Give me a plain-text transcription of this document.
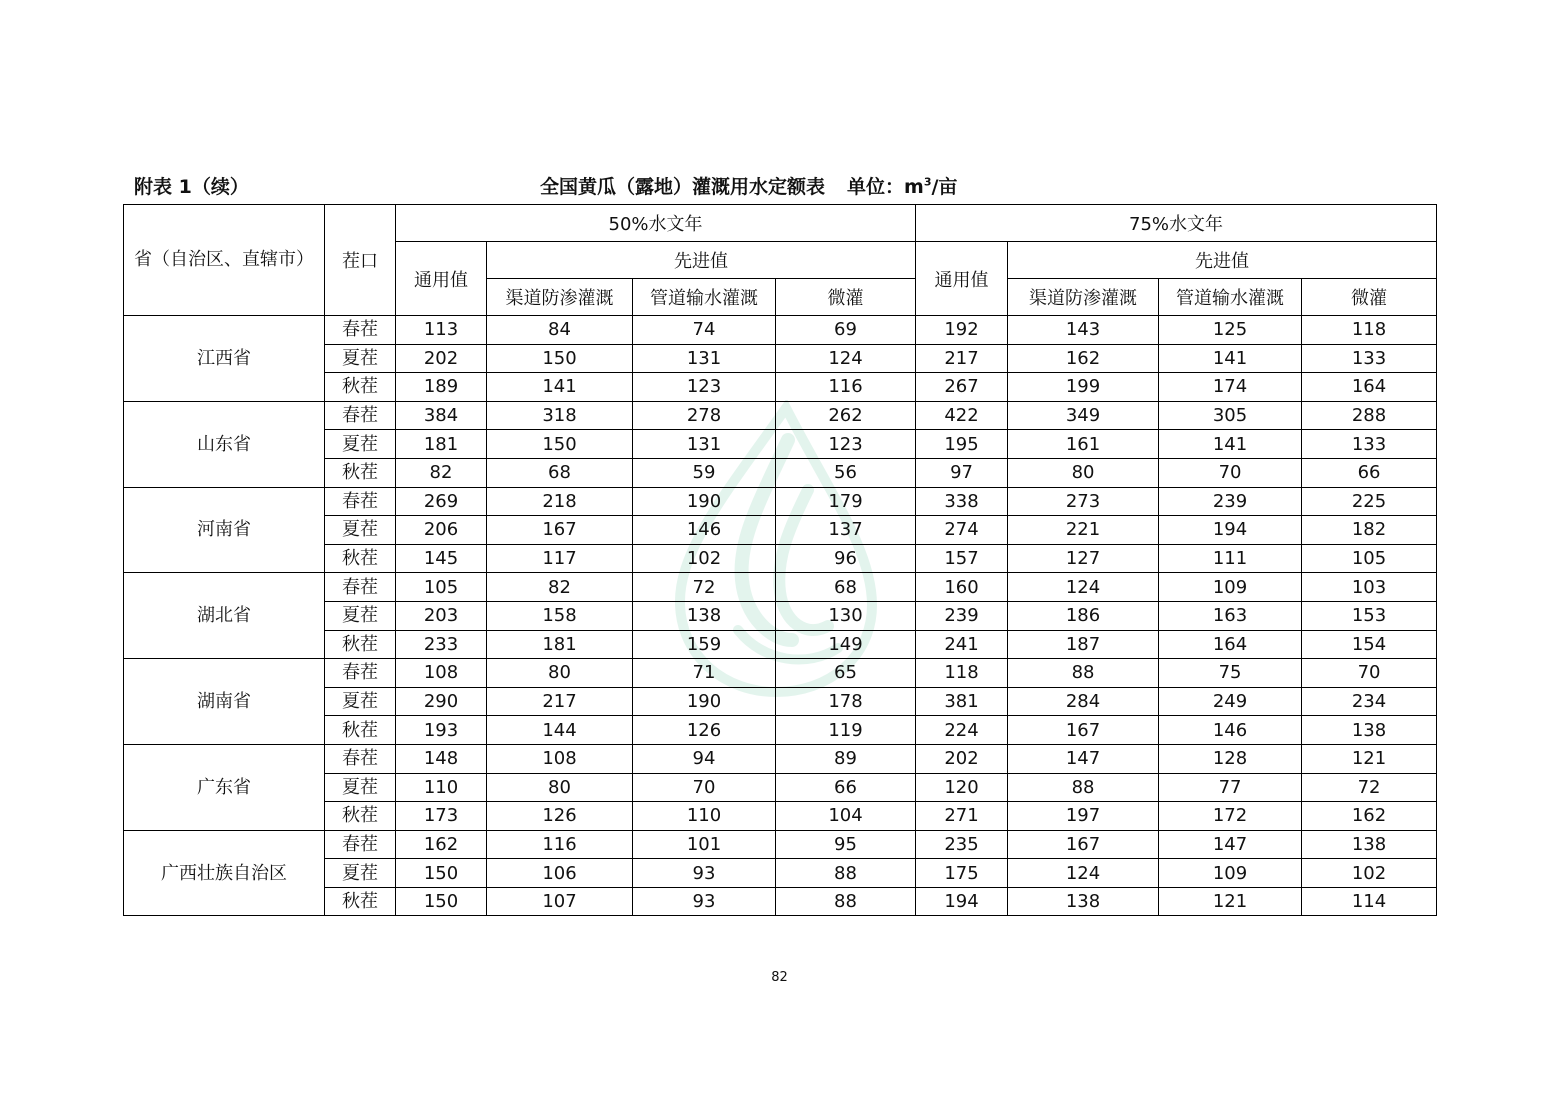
附表 1（续）	全国黄瓜（露地）灌溉用水定额表 单位：$m^3/$亩
省（自治区、直辖市）	茬口	50%水文年				75%水文年			
		通用值	先进值			通用值	先进值		
			渠道防渗灌溉	管道输水灌溉	微灌		渠道防渗灌溉	管道输水灌溉	微灌
江西省	春茬	113	84	74	69	192	143	125	118
	夏茬	202	150	131	124	217	162	141	133
	秋茬	189	141	123	116	267	199	174	164
山东省	春茬	384	318	278	262	422	349	305	288
	夏茬	181	150	131	123	195	161	141	133
	秋茬	82	68	59	56	97	80	70	66
河南省	春茬	269	218	190	179	338	273	239	225
	夏茬	206	167	146	137	274	221	194	182
	秋茬	145	117	102	96	157	127	111	105
湖北省	春茬	105	82	72	68	160	124	109	103
	夏茬	203	158	138	130	239	186	163	153
	秋茬	233	181	159	149	241	187	164	154
湖南省	春茬	108	80	71	65	118	88	75	70
	夏茬	290	217	190	178	381	284	249	234
	秋茬	193	144	126	119	224	167	146	138
广东省	春茬	148	108	94	89	202	147	128	121
	夏茬	110	80	70	66	120	88	77	72
	秋茬	173	126	110	104	271	197	172	162
广西壮族自治区	春茬	162	116	101	95	235	167	147	138
	夏茬	150	106	93	88	175	124	109	102
	秋茬	150	107	93	88	194	138	121	114
82
